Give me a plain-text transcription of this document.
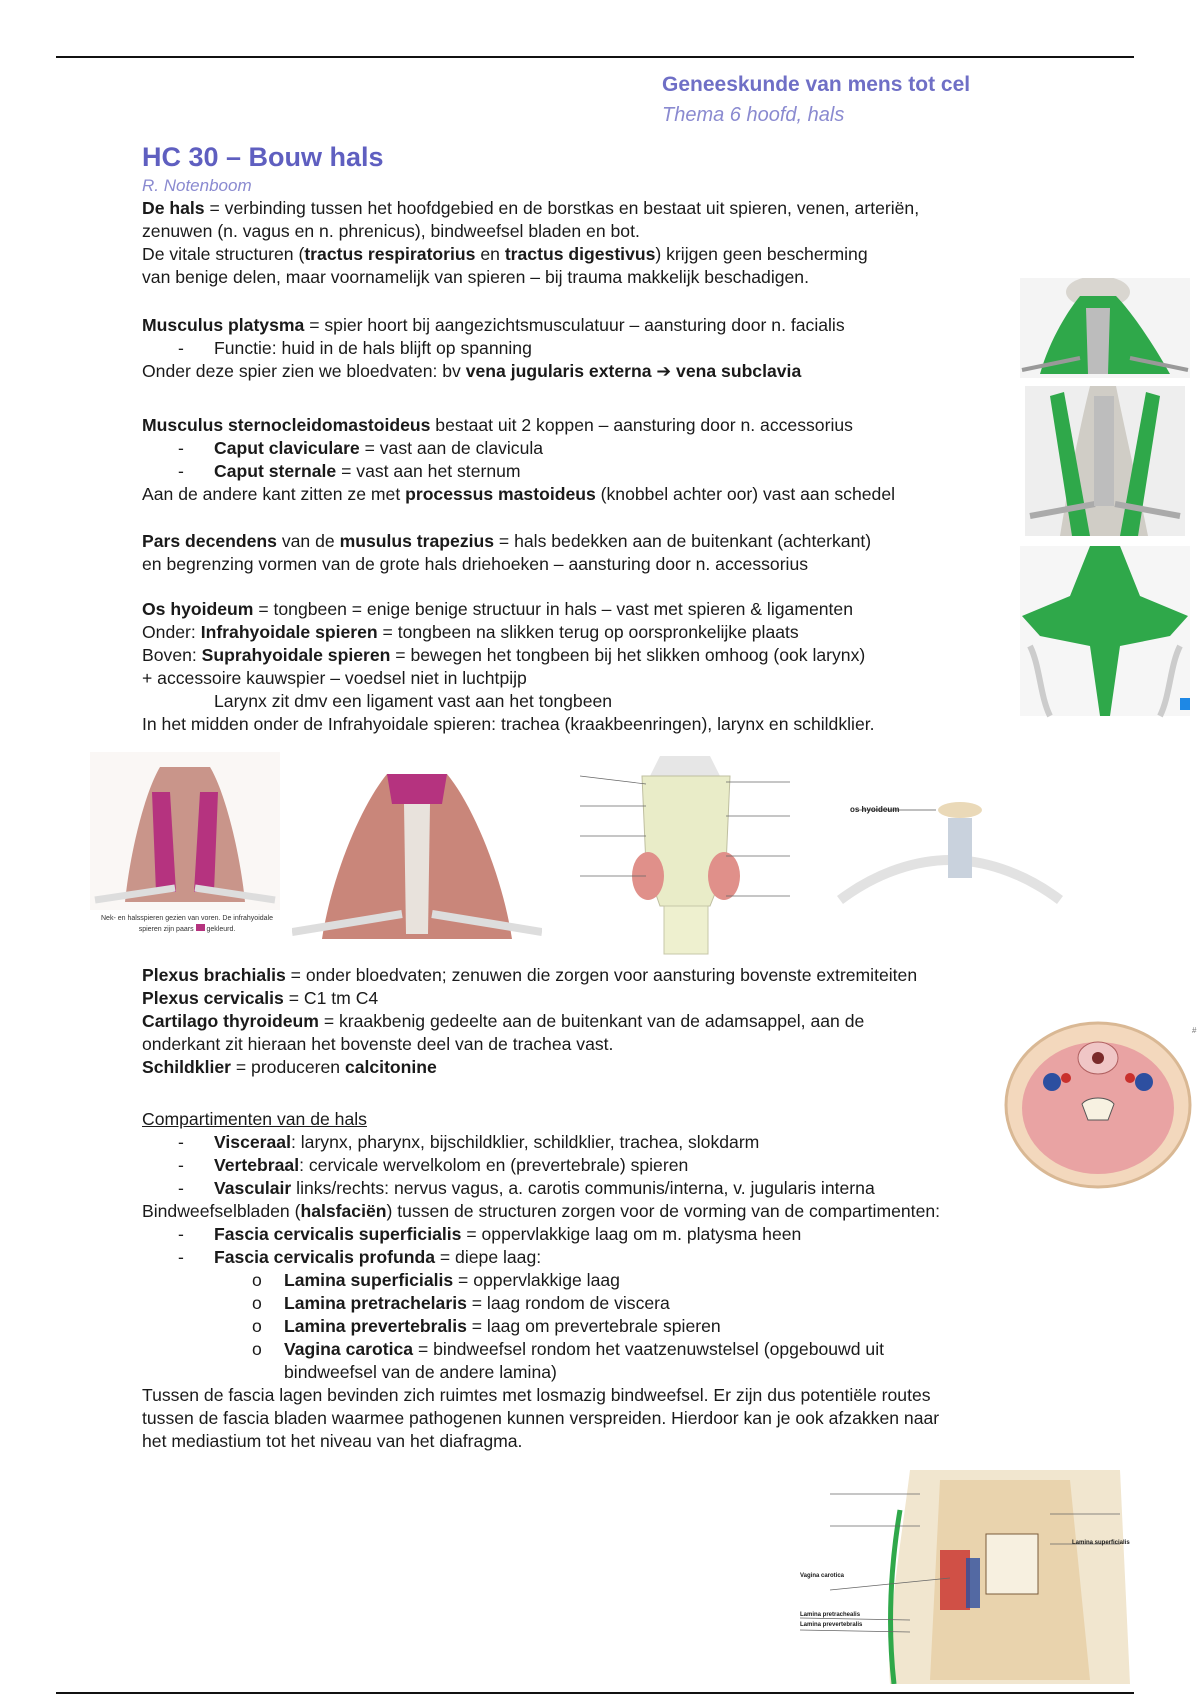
Geneeskunde van mens tot cel
Thema 6 hoofd, hals
HC 30 – Bouw hals
R. Notenboom

De hals = verbinding tussen het hoofdgebied en de borstkas en bestaat uit spieren, venen, arteriën,

zenuwen (n. vagus en n. phrenicus), bindweefsel bladen en bot.

De vitale structuren (tractus respiratorius en tractus digestivus) krijgen geen bescherming

van benige delen, maar voornamelijk van spieren – bij trauma makkelijk beschadigen.

Musculus platysma = spier hoort bij aangezichtsmusculatuur – aansturing door n. facialis

- Functie: huid in de hals blijft op spanning

Onder deze spier zien we bloedvaten: bv vena jugularis externa ➔ vena subclavia

Musculus sternocleidomastoideus bestaat uit 2 koppen – aansturing door n. accessorius

- Caput claviculare = vast aan de clavicula

- Caput sternale = vast aan het sternum

Aan de andere kant zitten ze met processus mastoideus (knobbel achter oor) vast aan schedel

Pars decendens van de musulus trapezius = hals bedekken aan de buitenkant (achterkant)

en begrenzing vormen van de grote hals driehoeken – aansturing door n. accessorius

Os hyoideum = tongbeen = enige benige structuur in hals – vast met spieren & ligamenten

Onder: Infrahyoidale spieren = tongbeen na slikken terug op oorspronkelijke plaats

Boven: Suprahyoidale spieren = bewegen het tongbeen bij het slikken omhoog (ook larynx)

+ accessoire kauwspier – voedsel niet in luchtpijp

Larynx zit dmv een ligament vast aan het tongbeen

In het midden onder de Infrahyoidale spieren: trachea (kraakbeenringen), larynx en schildklier.

Nek- en halsspieren gezien van voren. De infrahyoidale
spieren zijn paars gekleurd.
os hyoideum

Plexus brachialis = onder bloedvaten; zenuwen die zorgen voor aansturing bovenste extremiteiten

Plexus cervicalis = C1 tm C4

Cartilago thyroideum = kraakbenig gedeelte aan de buitenkant van de adamsappel, aan de

onderkant zit hieraan het bovenste deel van de trachea vast.

Schildklier = produceren calcitonine

#

Compartimenten van de hals

- Visceraal: larynx, pharynx, bijschildklier, schildklier, trachea, slokdarm

- Vertebraal: cervicale wervelkolom en (prevertebrale) spieren

- Vasculair links/rechts: nervus vagus, a. carotis communis/interna, v. jugularis interna

Bindweefselbladen (halsfaciën) tussen de structuren zorgen voor de vorming van de compartimenten:

- Fascia cervicalis superficialis = oppervlakkige laag om m. platysma heen

- Fascia cervicalis profunda = diepe laag:

o Lamina superficialis = oppervlakkige laag

o Lamina pretrachelaris = laag rondom de viscera

o Lamina prevertebralis = laag om prevertebrale spieren

o Vagina carotica = bindweefsel rondom het vaatzenuwstelsel (opgebouwd uit

bindweefsel van de andere lamina)

Tussen de fascia lagen bevinden zich ruimtes met losmazig bindweefsel. Er zijn dus potentiële routes

tussen de fascia bladen waarmee pathogenen kunnen verspreiden. Hierdoor kan je ook afzakken naar

het mediastium tot het niveau van het diafragma.

Vagina carotica
Lamina pretrachealis
Lamina prevertebralis
Lamina superficialis
